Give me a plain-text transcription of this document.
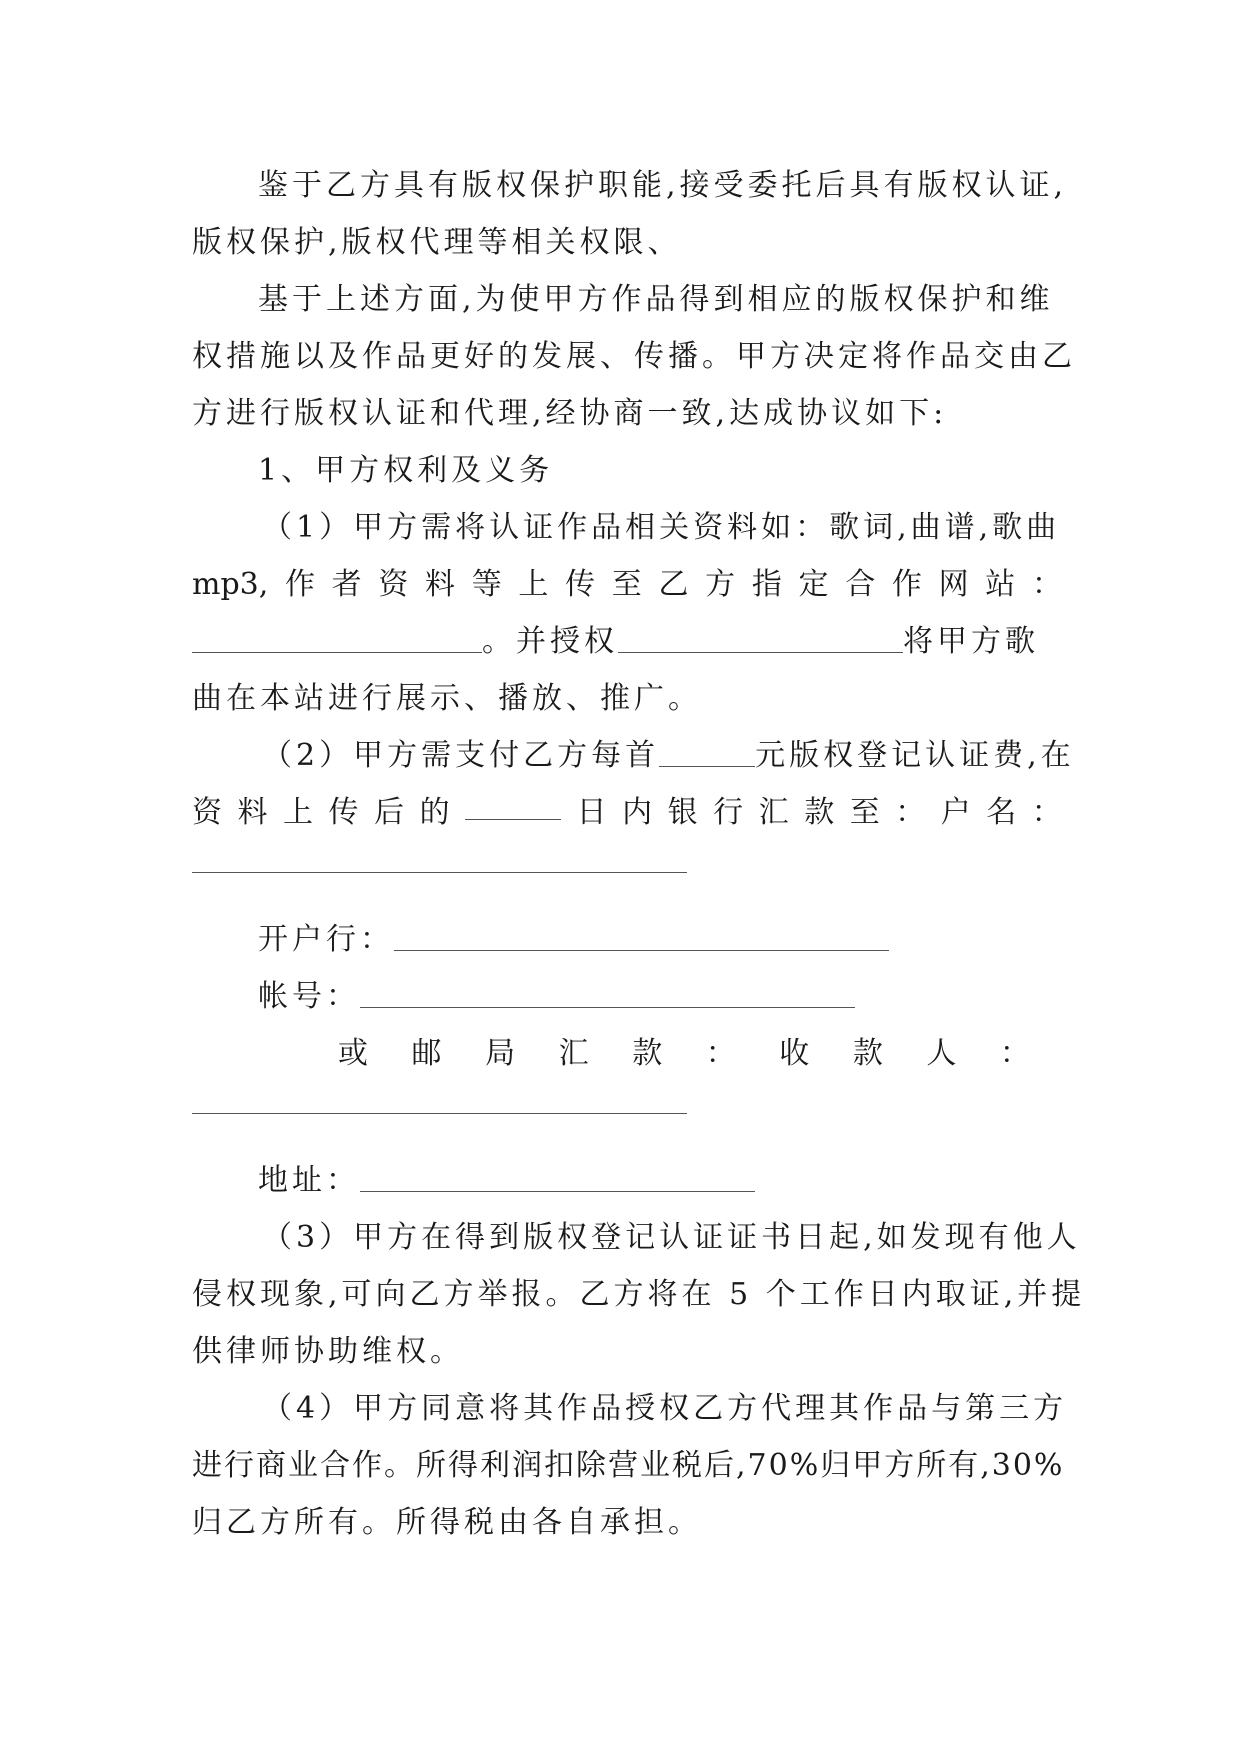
鉴于乙方具有版权保护职能,接受委托后具有版权认证,
版权保护,版权代理等相关权限、
基于上述方面,为使甲方作品得到相应的版权保护和维
权措施以及作品更好的发展、传播。甲方决定将作品交由乙
方进行版权认证和代理,经协商一致,达成协议如下:
1、甲方权利及义务
（1）甲方需将认证作品相关资料如：歌词,曲谱,歌曲
mp3, 作 者 资 料 等 上 传 至 乙 方 指 定 合 作 网 站 ：
。并授权	将甲方歌
曲在本站进行展示、播放、推广。
（2）甲方需支付乙方每首	元版权登记认证费,在
资 料 上 传 后 的	日 内 银 行 汇 款 至 ： 户 名 ：
开户行：
帐号：
或 邮 局 汇 款 ： 收 款 人 ：
地址：
（3）甲方在得到版权登记认证证书日起,如发现有他人
侵权现象,可向乙方举报。乙方将在 5 个工作日内取证,并提
供律师协助维权。
（4）甲方同意将其作品授权乙方代理其作品与第三方
进行商业合作。所得利润扣除营业税后,70%归甲方所有,30%
归乙方所有。所得税由各自承担。
